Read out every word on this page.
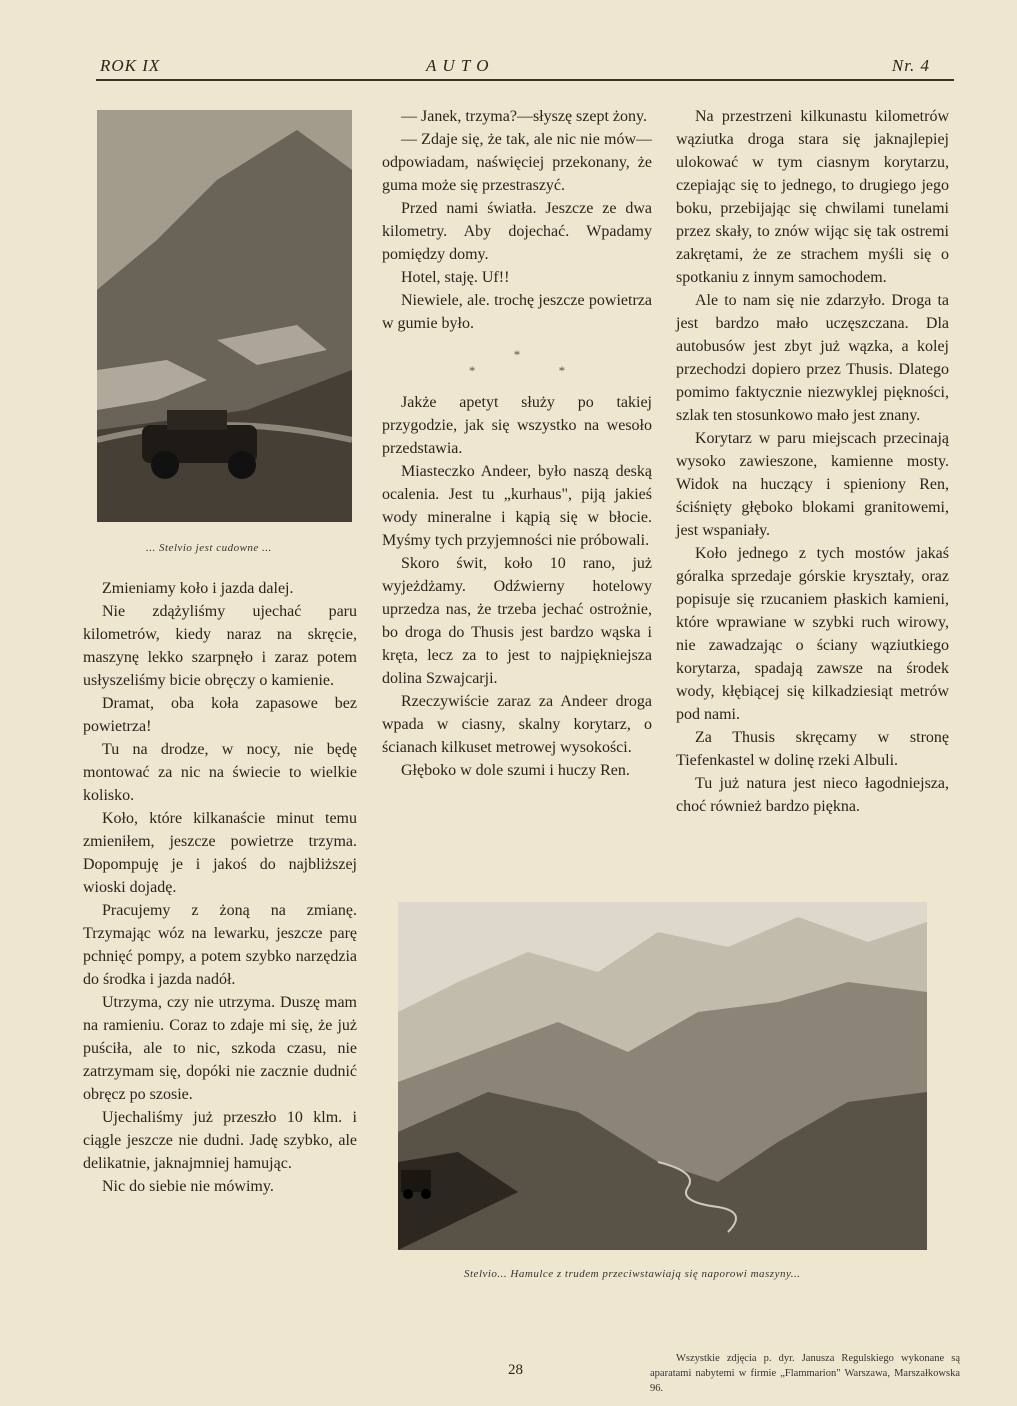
ROK IX	A U T O	Nr. 4
... Stelvio jest cudowne ...

Zmieniamy koło i jazda dalej.

Nie zdążyliśmy ujechać paru kilometrów, kiedy naraz na skręcie, maszynę lekko szarpnęło i zaraz potem usłyszeliśmy bicie obręczy o kamienie.

Dramat, oba koła zapasowe bez powietrza!

Tu na drodze, w nocy, nie będę montować za nic na świecie to wielkie kolisko.

Koło, które kilkanaście minut temu zmieniłem, jeszcze powietrze trzyma. Dopompuję je i jakoś do najbliższej wioski dojadę.

Pracujemy z żoną na zmianę. Trzymając wóz na lewarku, jeszcze parę pchnięć pompy, a potem szybko narzędzia do środka i jazda nadół.

Utrzyma, czy nie utrzyma. Duszę mam na ramieniu. Coraz to zdaje mi się, że już puściła, ale to nic, szkoda czasu, nie zatrzymam się, dopóki nie zacznie dudnić obręcz po szosie.

Ujechaliśmy już przeszło 10 klm. i ciągle jeszcze nie dudni. Jadę szybko, ale delikatnie, jaknajmniej hamując.

Nic do siebie nie mówimy.

— Janek, trzyma?—słyszę szept żony.

— Zdaje się, że tak, ale nic nie mów—odpowiadam, naświęciej przekonany, że guma może się przestraszyć.

Przed nami światła. Jeszcze ze dwa kilometry. Aby dojechać. Wpadamy pomiędzy domy.

Hotel, staję. Uf!!

Niewiele, ale. trochę jeszcze powietrza w gumie było.

*
*	*

Jakże apetyt służy po takiej przygodzie, jak się wszystko na wesoło przedstawia.

Miasteczko Andeer, było naszą deską ocalenia. Jest tu „kurhaus", piją jakieś wody mineralne i kąpią się w błocie. Myśmy tych przyjemności nie próbowali.

Skoro świt, koło 10 rano, już wyjeżdżamy. Odźwierny hotelowy uprzedza nas, że trzeba jechać ostrożnie, bo droga do Thusis jest bardzo wąska i kręta, lecz za to jest to najpiękniejsza dolina Szwajcarji.

Rzeczywiście zaraz za Andeer droga wpada w ciasny, skalny korytarz, o ścianach kilkuset metrowej wysokości.

Głęboko w dole szumi i huczy Ren.

Na przestrzeni kilkunastu kilometrów wąziutka droga stara się jaknajlepiej ulokować w tym ciasnym korytarzu, czepiając się to jednego, to drugiego jego boku, przebijając się chwilami tunelami przez skały, to znów wijąc się tak ostremi zakrętami, że ze strachem myśli się o spotkaniu z innym samochodem.

Ale to nam się nie zdarzyło. Droga ta jest bardzo mało uczęszczana. Dla autobusów jest zbyt już wązka, a kolej przechodzi dopiero przez Thusis. Dlatego pomimo faktycznie niezwyklej piękności, szlak ten stosunkowo mało jest znany.

Korytarz w paru miejscach przecinają wysoko zawieszone, kamienne mosty. Widok na huczący i spieniony Ren, ściśnięty głęboko blokami granitowemi, jest wspaniały.

Koło jednego z tych mostów jakaś góralka sprzedaje górskie kryształy, oraz popisuje się rzucaniem płaskich kamieni, które wprawiane w szybki ruch wirowy, nie zawadzając o ściany wąziutkiego korytarza, spadają zawsze na środek wody, kłębiącej się kilkadziesiąt metrów pod nami.

Za Thusis skręcamy w stronę Tiefenkastel w dolinę rzeki Albuli.

Tu już natura jest nieco łagodniejsza, choć również bardzo piękna.

Stelvio... Hamulce z trudem przeciwstawiają się naporowi maszyny...
28

Wszystkie zdjęcia p. dyr. Janusza Regulskiego wykonane są aparatami nabytemi w firmie „Flammarion" Warszawa, Marszałkowska 96.
